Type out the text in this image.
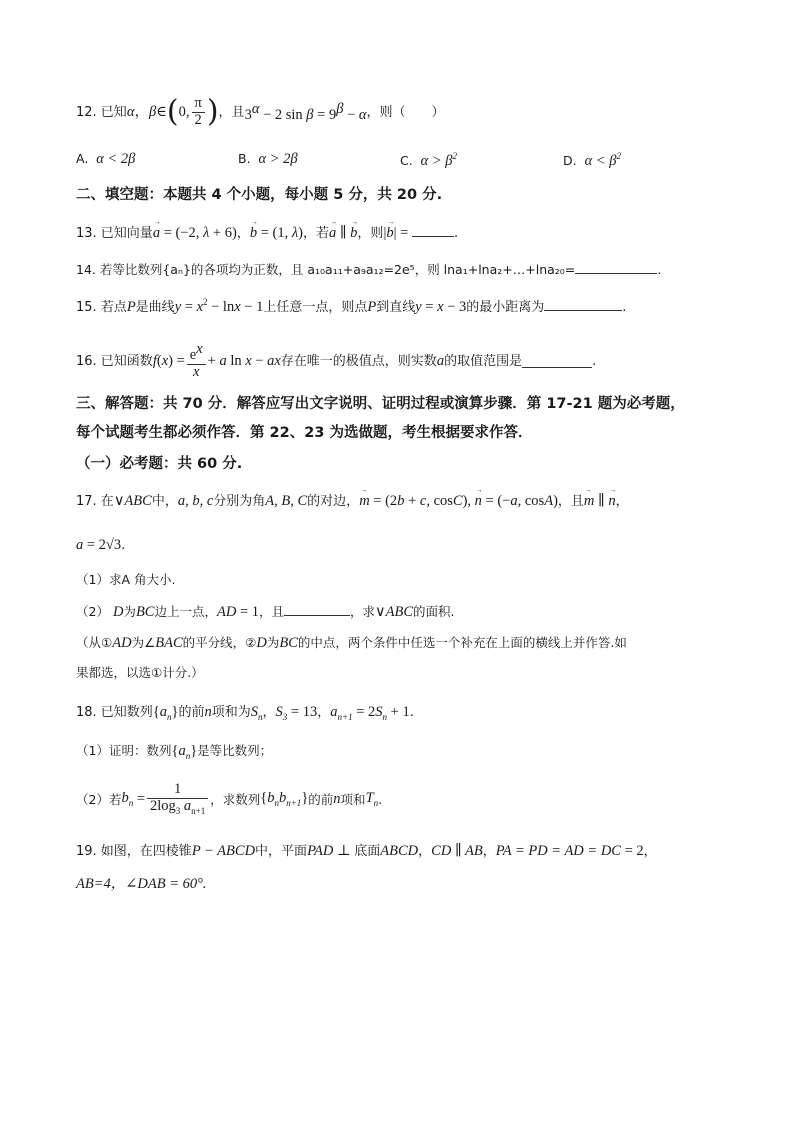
12. 已知 α ， β ∈ ( 0, $\frac{\pi}{2}$ ) ，且 $3^\alpha - 2$ $\sin \beta = 9^\beta - \alpha$ ，则（　　）
A. α < 2β	B. α > 2β	C. $\alpha > \beta^2$	D. $\alpha < \beta^2$
二、填空题：本题共 4 个小题，每小题 5 分，共 20 分.
13. 已知向量→ a = (−2, λ + 6)，→ b = (1, λ)，若→ a ∥ → b，则|→ b| =	.
14. 若等比数列{aₙ}的各项均为正数，且 a₁₀a₁₁+a₉a₁₂=2e⁵，则 lna₁+lna₂+…+lna₂₀=	.
15. 若点P是曲线$y = x^2 - \ln x - 1$上任意一点，则点P到直线y = x − 3的最小距离为	.
16. 已知函数 f $(x) = \frac{e^x}{x} + a$ ln x − ax 存在唯一的极值点，则实数 a 的取值范围是	.
三、解答题：共 70 分．解答应写出文字说明、证明过程或演算步骤．第 17-21 题为必考题，
每个试题考生都必须作答．第 22、23 为选做题，考生根据要求作答．
（一）必考题：共 60 分.
17. 在∨ABC中，a, b, c分别为角A, B, C的对边，→ m = (2b + c, cosC), → n = (−a, cosA)，且→ m ∥ → n，
a = 2√3.
（1）求A 角大小.
（2） D为BC边上一点，AD = 1，且	，求∨ABC的面积.
（从①AD为∠BAC的平分线，②D为BC的中点，两个条件中任选一个补充在上面的横线上并作答.如
果都选，以选①计分.）
18. 已知数列$\{a_n\}$的前n项和为$S_n$，$S_3 = 13$，$a_{n+1} = 2S_n + 1$.
（1）证明：数列$\{a_n\}$是等比数列；
（2）若 $b_n = \frac{1}{2\log_3 a_{n+1}}$ ，求数列 $\{b_nb_{n+1}\}$ 的前 n 项和 $T_n$ .
19. 如图，在四棱锥P − ABCD中，平面PAD ⊥ 底面ABCD，CD ∥ AB，PA = PD = AD = DC = 2，
AB=4，∠DAB = 60°.
